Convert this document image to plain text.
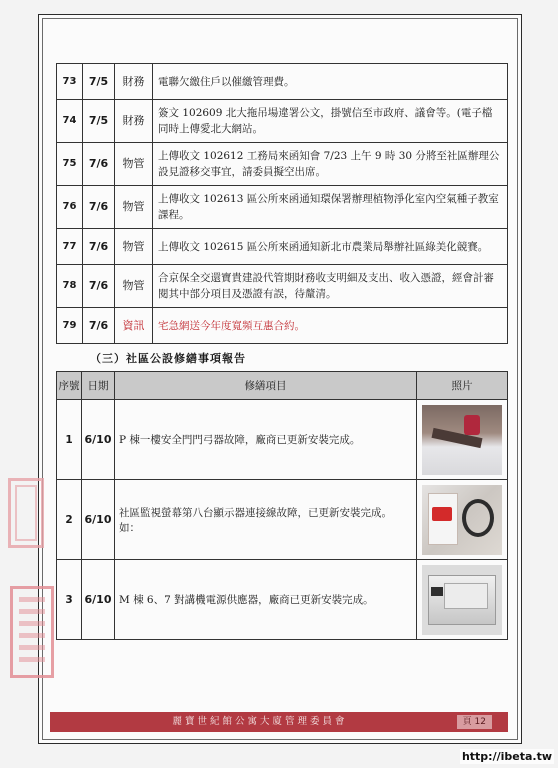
73	7/5	財務	電聯欠繳住戶以催繳管理費。
74	7/5	財務	簽文 102609 北大拖吊場違署公文，掛號信至市政府、議會等。(電子檔同時上傳愛北大網站。
75	7/6	物管	上傳收文 102612 工務局來函知會 7/23 上午 9 時 30 分將至社區辦理公設見證移交事宜，請委員擬空出席。
76	7/6	物管	上傳收文 102613 區公所來函通知環保署辦理植物淨化室內空氣種子教室課程。
77	7/6	物管	上傳收文 102615 區公所來函通知新北市農業局舉辦社區綠美化競賽。
78	7/6	物管	合京保全交還寶貴建設代管期財務收支明細及支出、收入憑證，經會計審閱其中部分項目及憑證有誤，待釐清。
79	7/6	資訊	宅急網送今年度寬頻互惠合約。
（三）社區公設修繕事項報告
序號	日期	修繕項目	照片
1	6/10	P 棟一樓安全門門弓器故障，廠商已更新安裝完成。	

2	6/10	社區監視螢幕第八台顯示器連接線故障，已更新安裝完成。如：	

3	6/10	M 棟 6、7 對講機電源供應器，廠商已更新安裝完成。	
麗寶世紀館公寓大廈管理委員會	頁 12
http://ibeta.tw
